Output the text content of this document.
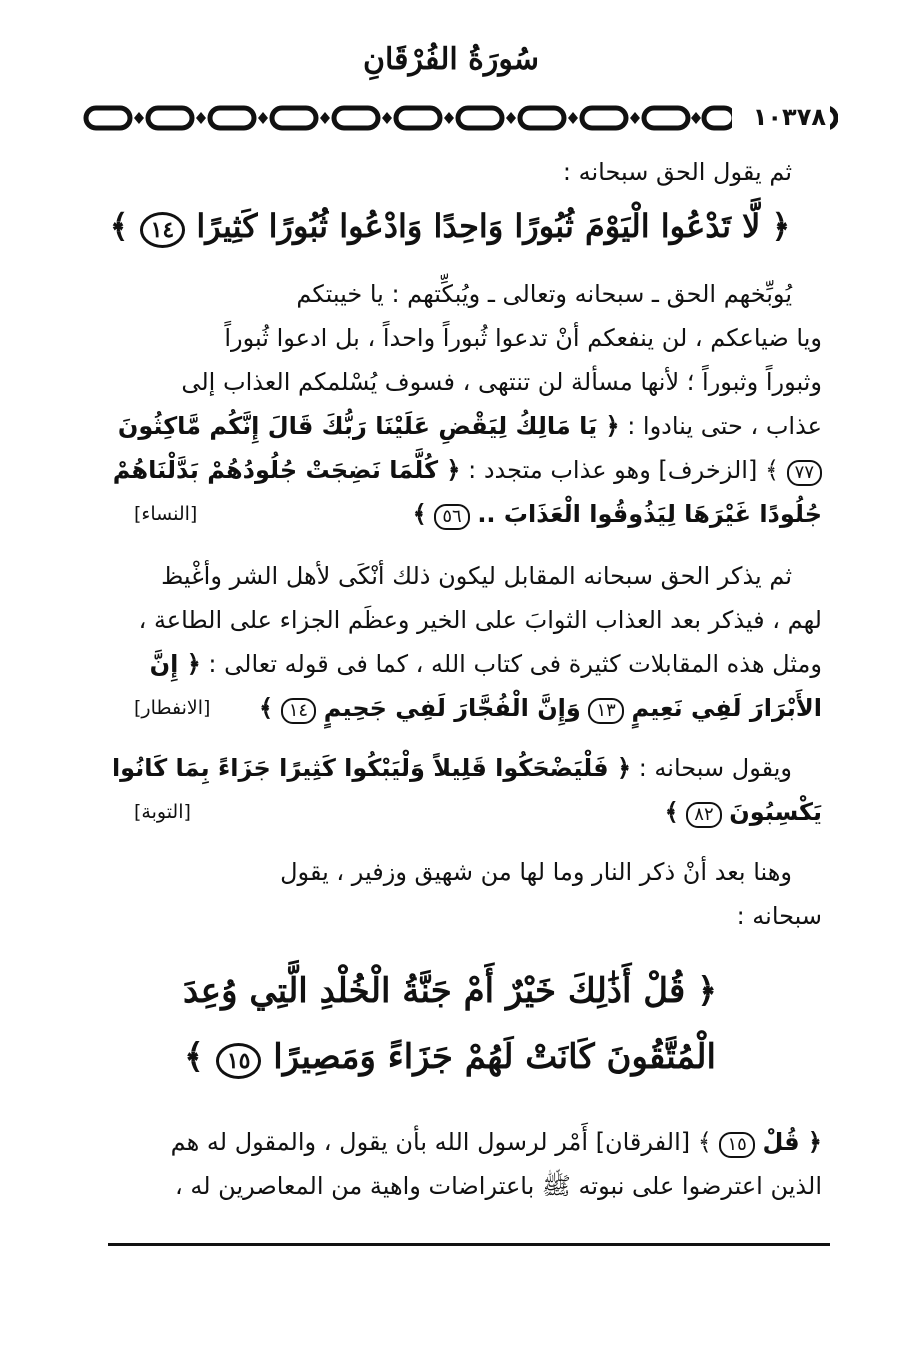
سُورَةُ الفُرْقَانِ
١٠٣٧٨
ثم يقول الحق سبحانه :
﴿ لَّا تَدْعُوا الْيَوْمَ ثُبُورًا وَاحِدًا وَادْعُوا ثُبُورًا كَثِيرًا ١٤ ﴾
يُوبِّخهم الحق ـ سبحانه وتعالى ـ ويُبكِّتهم : يا خيبتكم
ويا ضياعكم ، لن ينفعكم أنْ تدعوا ثُبوراً واحداً ، بل ادعوا ثُبوراً
وثبوراً وثبوراً ؛ لأنها مسألة لن تنتهى ، فسوف يُسْلمكم العذاب إلى
عذاب ، حتى ينادوا : ﴿ يَا مَالِكُ لِيَقْضِ عَلَيْنَا رَبُّكَ قَالَ إِنَّكُم مَّاكِثُونَ
٧٧ ﴾ [الزخرف] وهو عذاب متجدد : ﴿ كُلَّمَا نَضِجَتْ جُلُودُهُمْ بَدَّلْنَاهُمْ
جُلُودًا غَيْرَهَا لِيَذُوقُوا الْعَذَابَ .. ٥٦ ﴾
[النساء]
ثم يذكر الحق سبحانه المقابل ليكون ذلك أنْكَى لأهل الشر وأغْيظ
لهم ، فيذكر بعد العذاب الثوابَ على الخير وعظَم الجزاء على الطاعة ،
ومثل هذه المقابلات كثيرة فى كتاب الله ، كما فى قوله تعالى : ﴿ إِنَّ
الأَبْرَارَ لَفِي نَعِيمٍ ١٣ وَإِنَّ الْفُجَّارَ لَفِي جَحِيمٍ ١٤ ﴾
[الانفطار]
ويقول سبحانه : ﴿ فَلْيَضْحَكُوا قَلِيلاً وَلْيَبْكُوا كَثِيرًا جَزَاءً بِمَا كَانُوا
يَكْسِبُونَ ٨٢ ﴾
[التوبة]
وهنا بعد أنْ ذكر النار وما لها من شهيق وزفير ، يقول
سبحانه :
﴿ قُلْ أَذَٰلِكَ خَيْرٌ أَمْ جَنَّةُ الْخُلْدِ الَّتِي وُعِدَ
الْمُتَّقُونَ كَانَتْ لَهُمْ جَزَاءً وَمَصِيرًا ١٥ ﴾
﴿ قُلْ ١٥ ﴾ [الفرقان] أَمْر لرسول الله بأن يقول ، والمقول له هم
الذين اعترضوا على نبوته ﷺ باعتراضات واهية من المعاصرين له ،
